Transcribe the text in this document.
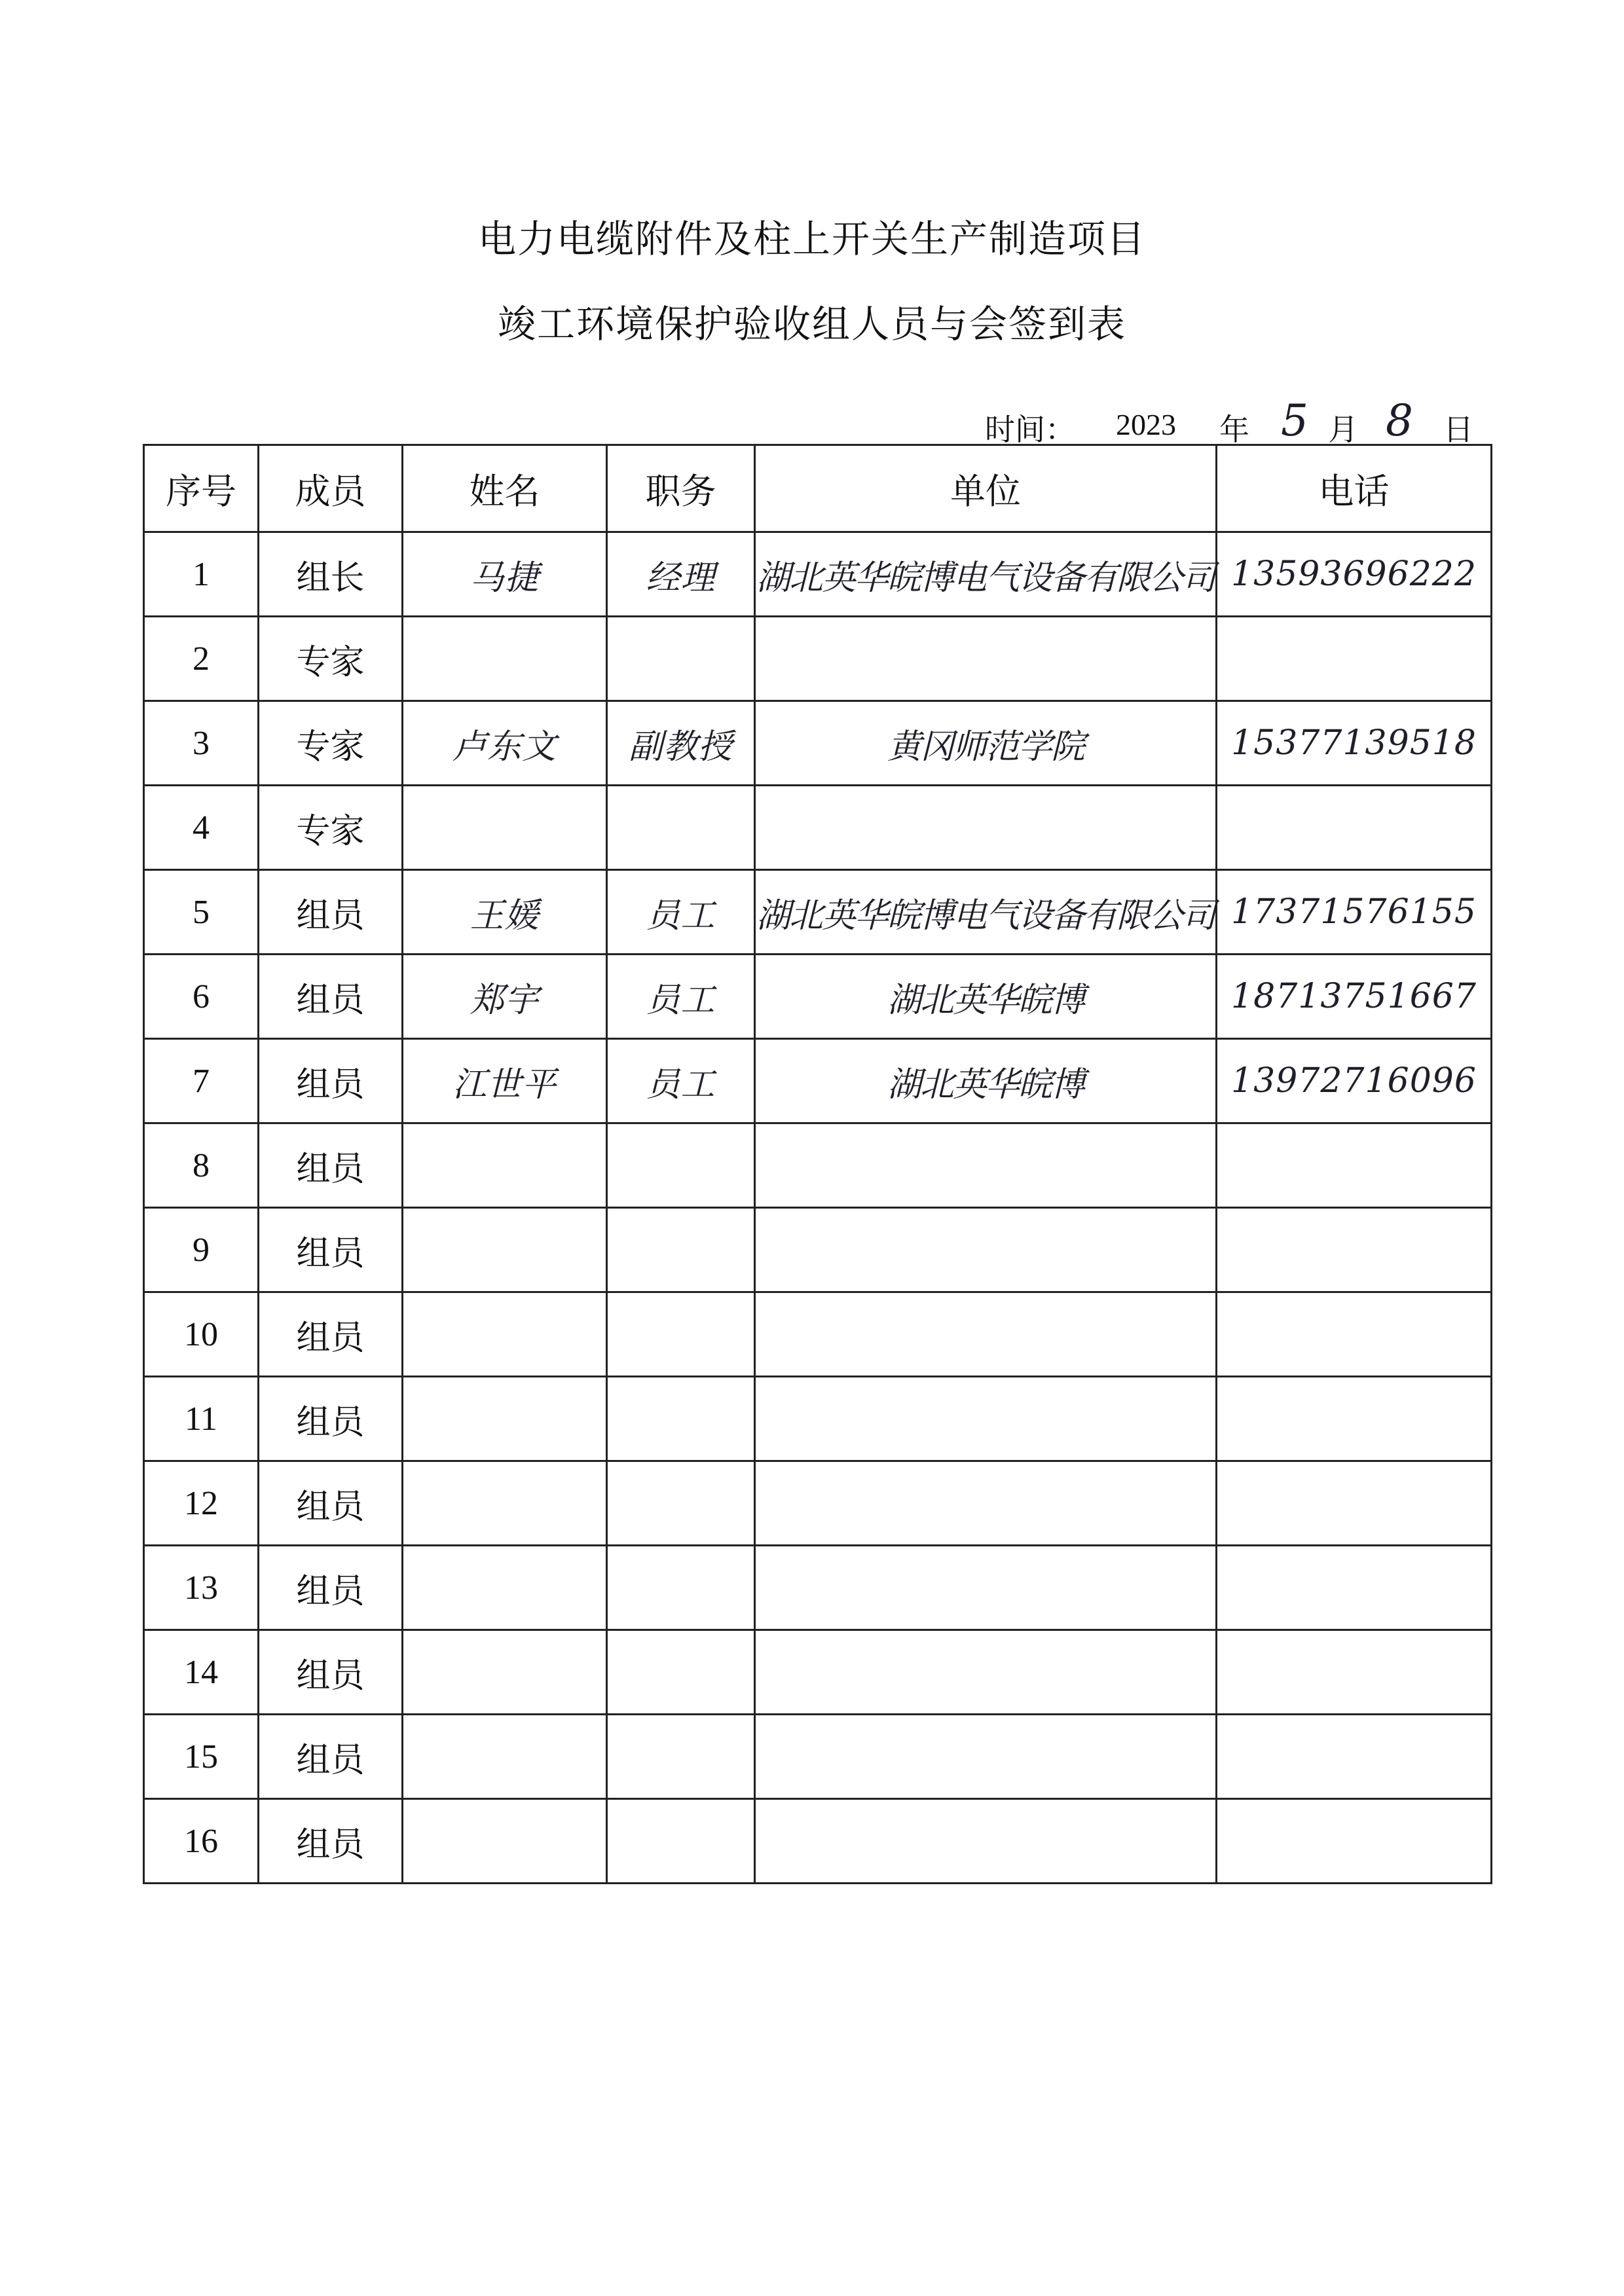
电力电缆附件及柱上开关生产制造项目
竣工环境保护验收组人员与会签到表
时间： 2023 年 5 月 8 日
序号	成员	姓名	职务	单位	电话
1	组长	马捷	经理	湖北英华皖博电气设备有限公司	13593696222
2	专家				
3	专家	卢东文	副教授	黄冈师范学院	15377139518
4	专家				
5	组员	王媛	员工	湖北英华皖博电气设备有限公司	17371576155
6	组员	郑宇	员工	湖北英华皖博	18713751667
7	组员	江世平	员工	湖北英华皖博	13972716096
8	组员				
9	组员				
10	组员				
11	组员				
12	组员				
13	组员				
14	组员				
15	组员				
16	组员				
